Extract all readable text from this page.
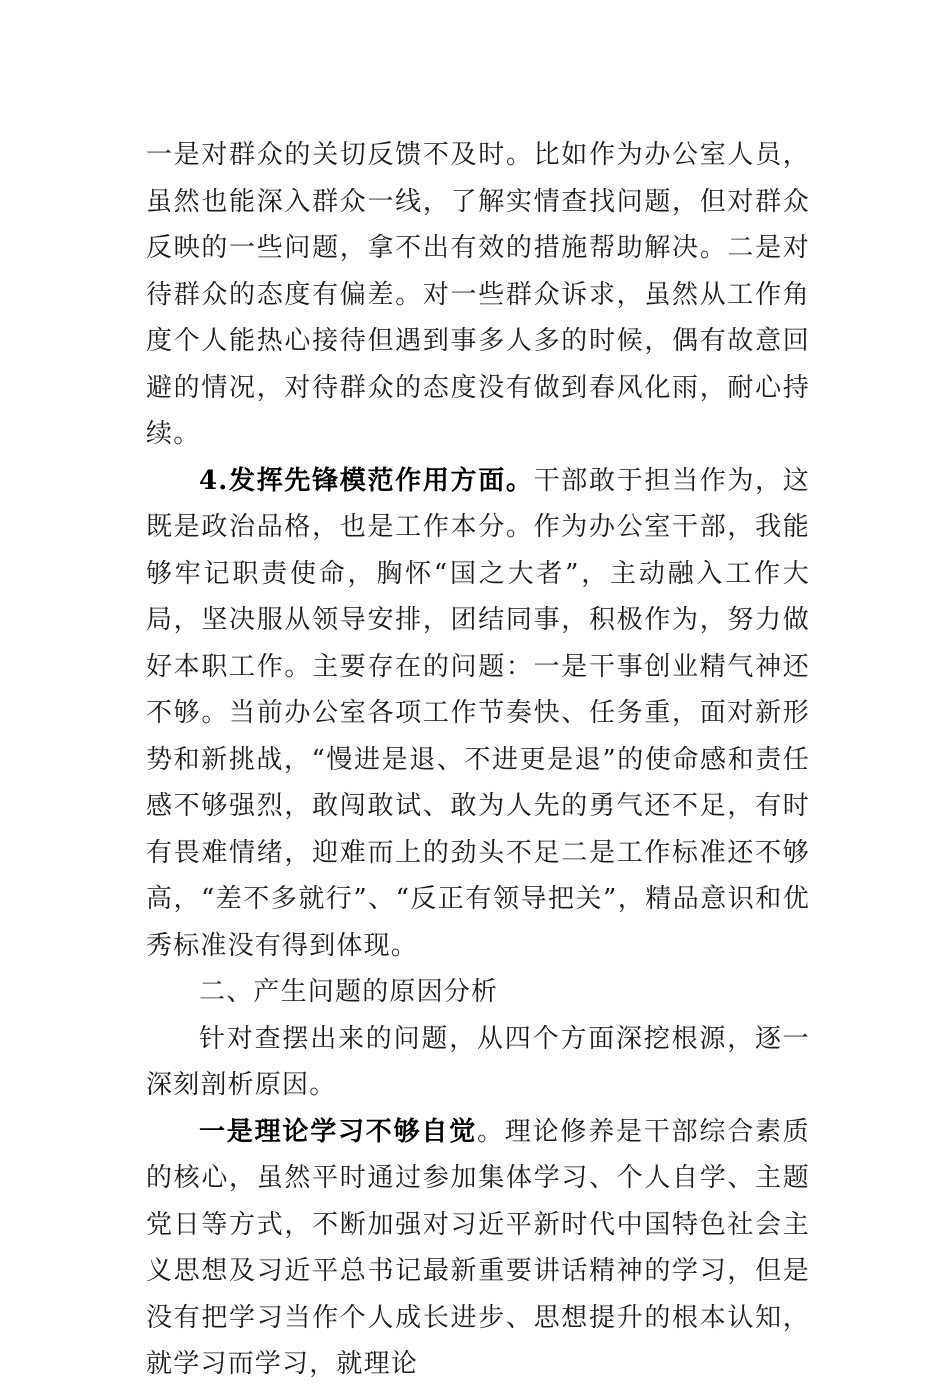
一是对群众的关切反馈不及时。比如作为办公室人员，虽然也能深入群众一线，了解实情查找问题，但对群众反映的一些问题，拿不出有效的措施帮助解决。二是对待群众的态度有偏差。对一些群众诉求，虽然从工作角度个人能热心接待但遇到事多人多的时候，偶有故意回避的情况，对待群众的态度没有做到春风化雨，耐心持续。

4.发挥先锋模范作用方面。干部敢于担当作为，这既是政治品格，也是工作本分。作为办公室干部，我能够牢记职责使命，胸怀“国之大者”，主动融入工作大局，坚决服从领导安排，团结同事，积极作为，努力做好本职工作。主要存在的问题：一是干事创业精气神还不够。当前办公室各项工作节奏快、任务重，面对新形势和新挑战，“慢进是退、不进更是退”的使命感和责任感不够强烈，敢闯敢试、敢为人先的勇气还不足，有时有畏难情绪，迎难而上的劲头不足二是工作标准还不够高，“差不多就行”、“反正有领导把关”，精品意识和优秀标准没有得到体现。

二、产生问题的原因分析

针对查摆出来的问题，从四个方面深挖根源，逐一深刻剖析原因。

一是理论学习不够自觉。理论修养是干部综合素质的核心，虽然平时通过参加集体学习、个人自学、主题党日等方式，不断加强对习近平新时代中国特色社会主义思想及习近平总书记最新重要讲话精神的学习，但是没有把学习当作个人成长进步、思想提升的根本认知，就学习而学习，就理论
